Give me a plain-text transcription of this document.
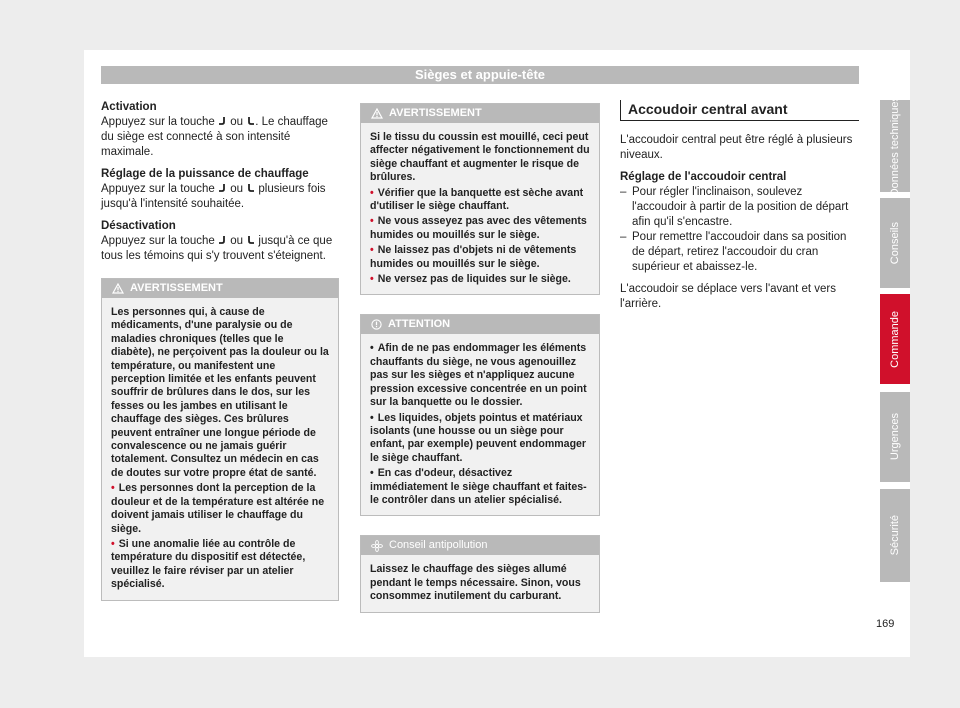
Sièges et appuie-tête

Activation

Appuyez sur la touche ou . Le chauffage du siège est connecté à son intensité maximale.

Réglage de la puissance de chauffage

Appuyez sur la touche ou plusieurs fois jusqu'à l'intensité souhaitée.

Désactivation

Appuyez sur la touche ou jusqu'à ce que tous les témoins qui s'y trouvent s'éteignent.

AVERTISSEMENT
Les personnes qui, à cause de médicaments, d'une paralysie ou de maladies chroniques (telles que le diabète), ne perçoivent pas la douleur ou la température, ou manifestent une perception limitée et les enfants peuvent souffrir de brûlures dans le dos, sur les fesses ou les jambes en utilisant le chauffage des sièges. Ces brûlures peuvent entraîner une longue période de convalescence ou ne jamais guérir totalement. Consultez un médecin en cas de doutes sur votre propre état de santé.
• Les personnes dont la perception de la douleur et de la température est altérée ne doivent jamais utiliser le chauffage du siège.
• Si une anomalie liée au contrôle de température du dispositif est détectée, veuillez le faire réviser par un atelier spécialisé.
AVERTISSEMENT
Si le tissu du coussin est mouillé, ceci peut affecter négativement le fonctionnement du siège chauffant et augmenter le risque de brûlures.
• Vérifier que la banquette est sèche avant d'utiliser le siège chauffant.
• Ne vous asseyez pas avec des vêtements humides ou mouillés sur le siège.
• Ne laissez pas d'objets ni de vêtements humides ou mouillés sur le siège.
• Ne versez pas de liquides sur le siège.
ATTENTION
• Afin de ne pas endommager les éléments chauffants du siège, ne vous agenouillez pas sur les sièges et n'appliquez aucune pression excessive concentrée en un point sur la banquette ou le dossier.
• Les liquides, objets pointus et matériaux isolants (une housse ou un siège pour enfant, par exemple) peuvent endommager le siège chauffant.
• En cas d'odeur, désactivez immédiatement le siège chauffant et faites-le contrôler dans un atelier spécialisé.
Conseil antipollution
Laissez le chauffage des sièges allumé pendant le temps nécessaire. Sinon, vous consommez inutilement du carburant.
Accoudoir central avant

L'accoudoir central peut être réglé à plusieurs niveaux.

Réglage de l'accoudoir central

– Pour régler l'inclinaison, soulevez l'accoudoir à partir de la position de départ afin qu'il s'encastre.
– Pour remettre l'accoudoir dans sa position de départ, retirez l'accoudoir du cran supérieur et abaissez-le.

L'accoudoir se déplace vers l'avant et vers l'arrière.

Données techniques
Conseils
Commande
Urgences
Sécurité
169
